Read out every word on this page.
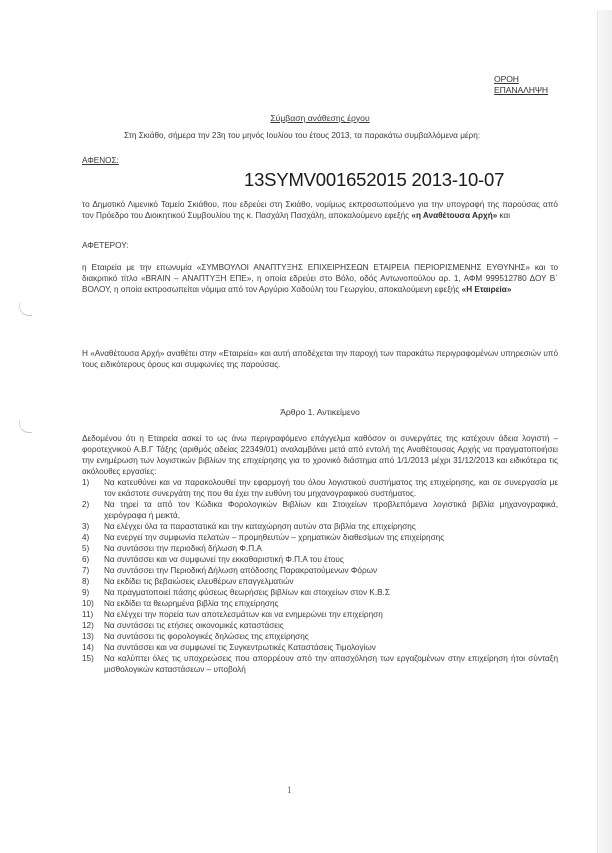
ΟΡΟΗ ΕΠΑΝΑΛΗΨΗ
Σύμβαση ανάθεσης έργου
Στη Σκιάθο, σήμερα την 23η του μηνός Ιουλίου του έτους 2013, τα παρακάτω συμβαλλόμενα μέρη:
ΑΦΕΝΟΣ:
13SYMV001652015 2013-10-07
το Δημοτικό Λιμενικό Ταμείο Σκιάθου, που εδρεύει στη Σκιάθο, νομίμως εκπροσωπούμενο για την υπογραφή της παρούσας από τον Πρόεδρο του Διοικητικού Συμβουλίου της κ. Πασχάλη Πασχάλη, αποκαλούμενο εφεξής «η Αναθέτουσα Αρχή» και
ΑΦΕΤΕΡΟΥ:
η Εταιρεία με την επωνυμία «ΣΥΜΒΟΥΛΟΙ ΑΝΑΠΤΥΞΗΣ ΕΠΙΧΕΙΡΗΣΕΩΝ ΕΤΑΙΡΕΙΑ ΠΕΡΙΟΡΙΣΜΕΝΗΣ ΕΥΘΥΝΗΣ» και το διακριτικό τίτλο «BRAIN – ΑΝΑΠΤΥΞΗ ΕΠΕ», η οποία εδρεύει στο Βόλο, οδός Αντωνοπούλου αρ. 1, ΑΦΜ 999512780 ΔΟΥ Β΄ ΒΟΛΟΥ, η οποία εκπροσωπείται νόμιμα από τον Αργύριο Χαδούλη του Γεωργίου, αποκαλούμενη εφεξής «Η Εταιρεία»
Η «Αναθέτουσα Αρχή» αναθέτει στην «Εταιρεία» και αυτή αποδέχεται την παροχή των παρακάτω περιγραφομένων υπηρεσιών υπό τους ειδικότερους όρους και συμφωνίες της παρούσας.
Άρθρο 1. Αντικείμενο
Δεδομένου ότι η Εταιρεία ασκεί το ως άνω περιγραφόμενο επάγγελμα καθόσον οι συνεργάτες της κατέχουν άδεια λογιστή – φοροτεχνικού Α.Β.Γ Τάξης (αριθμός αδείας 22349/01) αναλαμβάνει μετά από εντολή της Αναθέτουσας Αρχής να πραγματοποιήσει την ενημέρωση των λογιστικών βιβλίων της επιχείρησης για το χρονικό διάστημα από 1/1/2013 μέχρι 31/12/2013 και ειδικότερα τις ακόλουθες εργασίες:
1)	Να κατευθύνει και να παρακολουθεί την εφαρμογή του όλου λογιστικού συστήματος της επιχείρησης, και σε συνεργασία με τον εκάστοτε συνεργάτη της που θα έχει την ευθύνη του μηχανογραφικού συστήματος.
2)	Να τηρεί τα από τον Κώδικα Φορολογικών Βιβλίων και Στοιχείων προβλεπόμενα λογιστικά βιβλία μηχανογραφικά, χειρόγραφα ή μεικτά,
3)	Να ελέγχει όλα τα παραστατικά και την καταχώρηση αυτών στα βιβλία της επιχείρησης
4)	Να ενεργεί την συμφωνία πελατών – προμηθευτών – χρηματικών διαθεσίμων της επιχείρησης
5)	Να συντάσσει την περιοδική δήλωση Φ.Π.Α
6)	Να συντάσσει και να συμφωνεί την εκκαθαριστική Φ.Π.Α του έτους
7)	Να συντάσσει την Περιοδική Δήλωση απόδοσης Παρακρατούμενων Φόρων
8)	Να εκδίδει τις βεβαιώσεις ελευθέρων επαγγελματιών
9)	Να πραγματοποιεί πάσης φύσεως θεωρήσεις βιβλίων και στοιχείων στον Κ.Β.Σ
10)	Να εκδίδει τα θεωρημένα βιβλία της επιχείρησης
11)	Να ελέγχει την πορεία των αποτελεσμάτων και να ενημερώνει την επιχείρηση
12)	Να συντάσσει τις ετήσιες οικονομικές καταστάσεις
13)	Να συντάσσει τις φορολογικές δηλώσεις της επιχείρησης
14)	Να συντάσσει και να συμφωνεί τις Συγκεντρωτικές Καταστάσεις Τιμολογίων
15)	Να καλύπτει όλες τις υποχρεώσεις που απορρέουν από την απασχόληση των εργαζομένων στην επιχείρηση ήτοι σύνταξη μισθολογικών καταστάσεων – υποβολή
1
